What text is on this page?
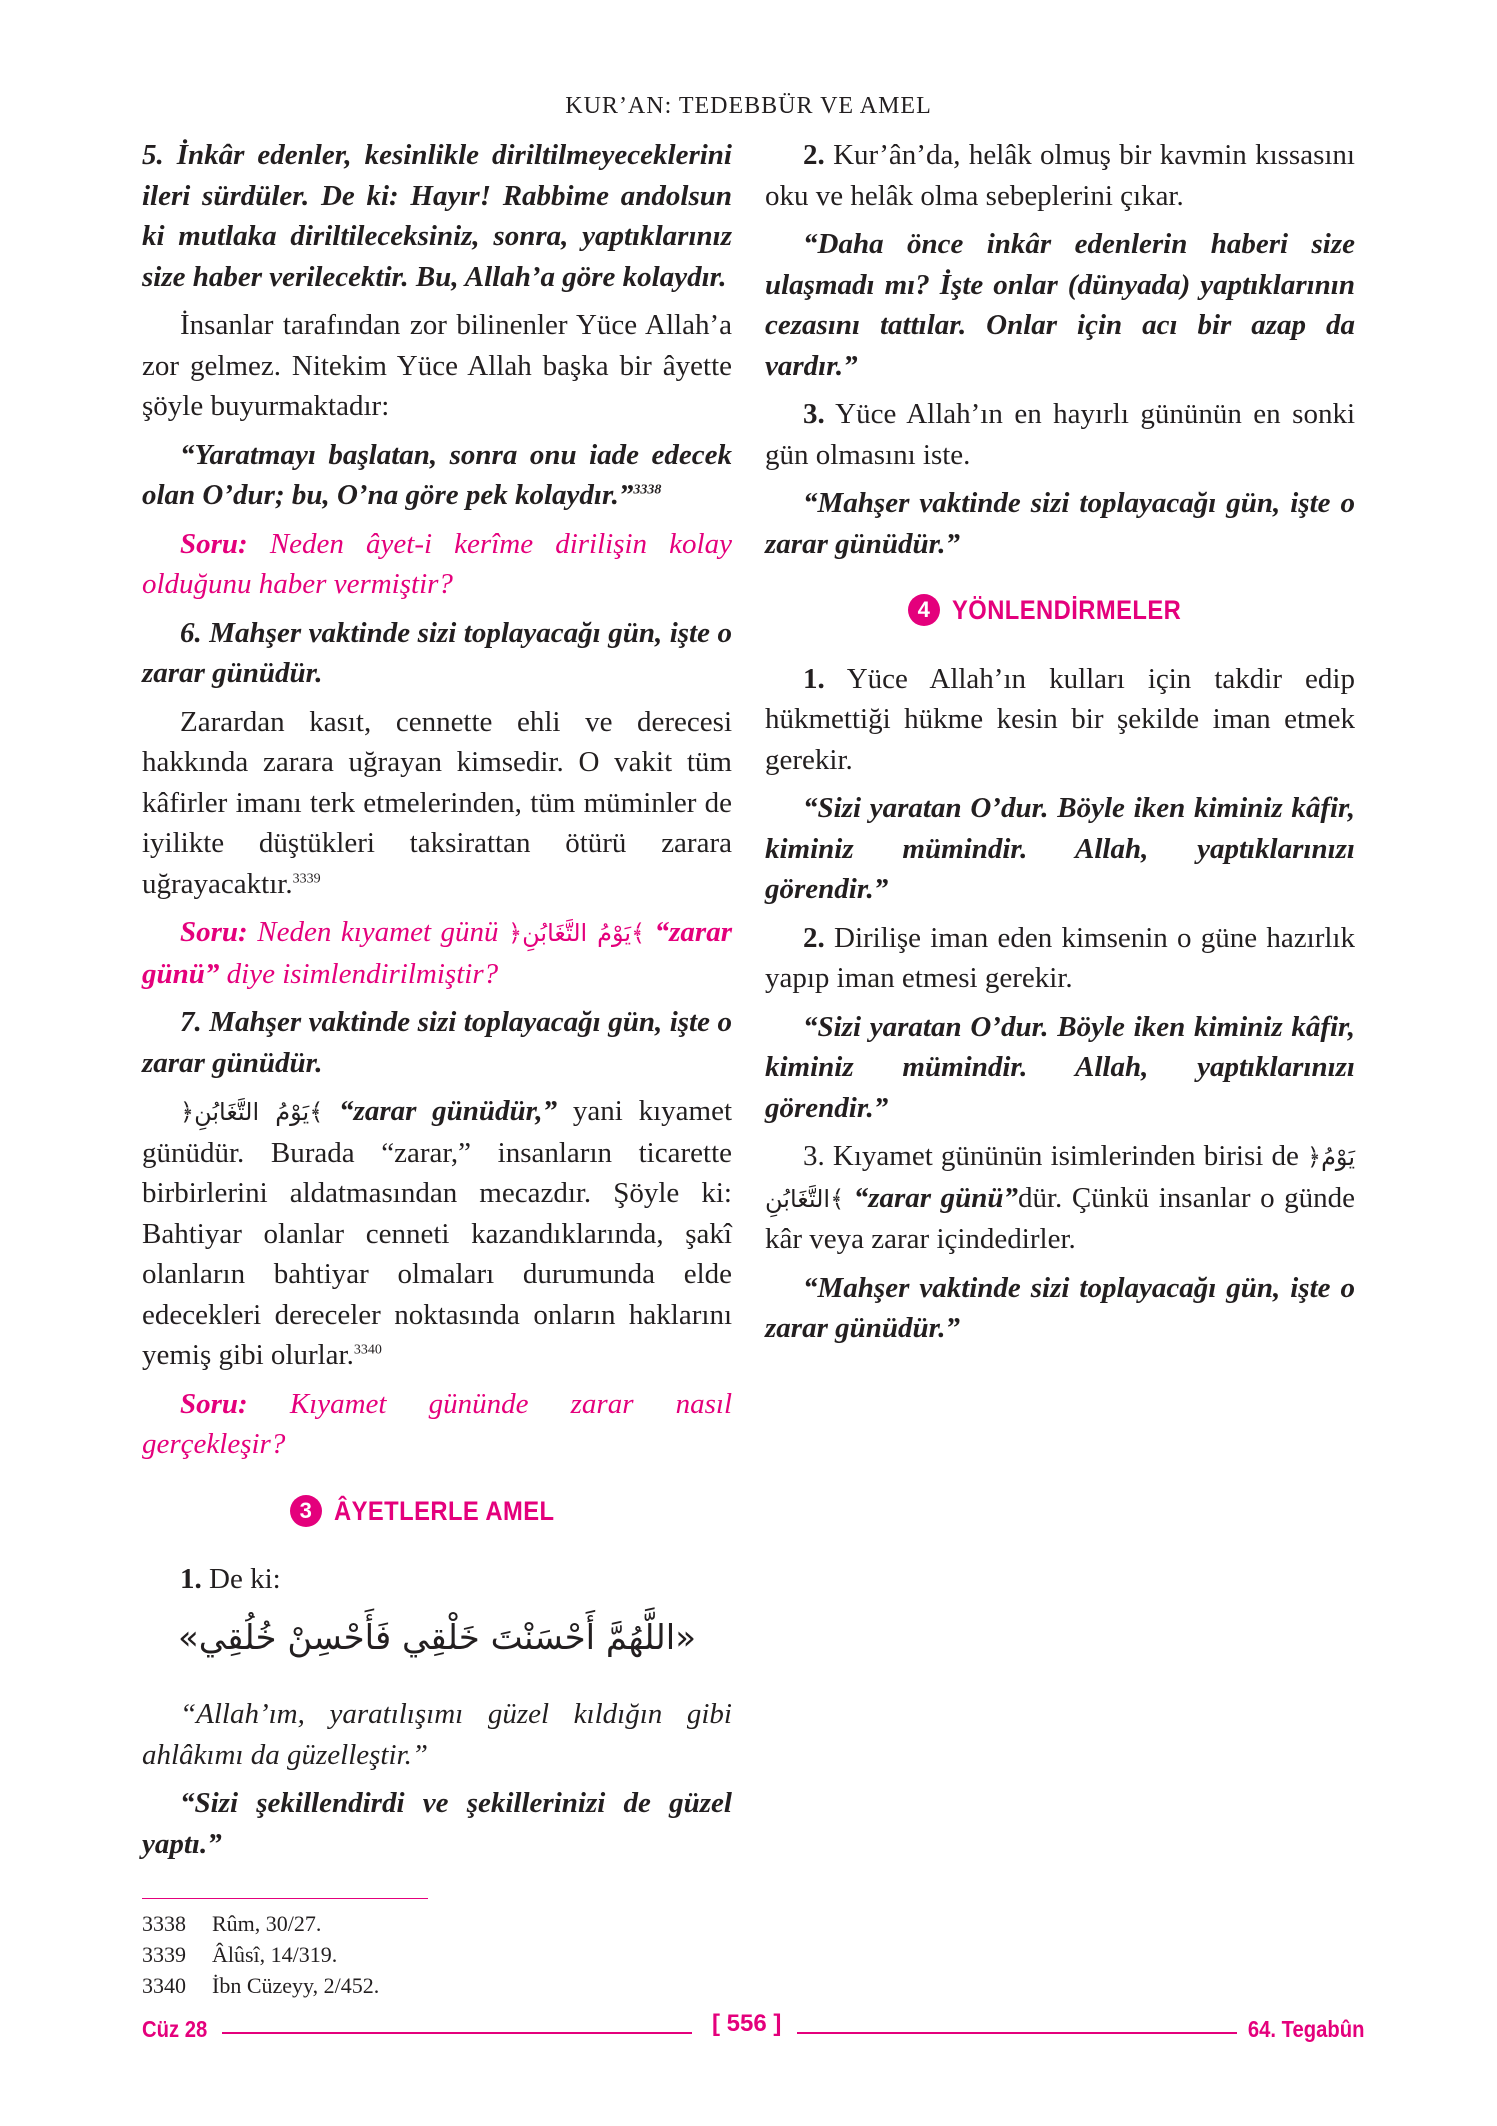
KUR’AN: TEDEBBÜR VE AMEL

5. İnkâr edenler, kesinlikle diriltilmeyeceklerini ileri sürdüler. De ki: Hayır! Rabbime andolsun ki mutlaka diriltileceksiniz, sonra, yaptıklarınız size haber verilecektir. Bu, Allah’a göre kolaydır.

İnsanlar tarafından zor bilinenler Yüce Allah’a zor gelmez. Nitekim Yüce Allah başka bir âyette şöyle buyurmaktadır:

“Yaratmayı başlatan, sonra onu iade edecek olan O’dur; bu, O’na göre pek kolaydır.”$^{3338}$

Soru: Neden âyet-i kerîme dirilişin kolay olduğunu haber vermiştir?

6. Mahşer vaktinde sizi toplayacağı gün, işte o zarar günüdür.

Zarardan kasıt, cennette ehli ve derecesi hakkında zarara uğrayan kimsedir. O vakit tüm kâfirler imanı terk etmelerinden, tüm müminler de iyilikte düştükleri taksirattan ötürü zarara uğrayacaktır.$^{3339}$

Soru: Neden kıyamet günü ﴿يَوْمُ التَّغَابُنِ﴾ “zarar günü” diye isimlendirilmiştir?

7. Mahşer vaktinde sizi toplayacağı gün, işte o zarar günüdür.

﴿يَوْمُ التَّغَابُنِ﴾ “zarar günüdür,” yani kıyamet günüdür. Burada “zarar,” insanların ticarette birbirlerini aldatmasından mecazdır. Şöyle ki: Bahtiyar olanlar cenneti kazandıklarında, şakî olanların bahtiyar olmaları durumunda elde edecekleri dereceler noktasında onların haklarını yemiş gibi olurlar.$^{3340}$

Soru: Kıyamet gününde zarar nasıl gerçekleşir?

3 ÂYETLERLE AMEL

1. De ki:

«اللَّهُمَّ أَحْسَنْتَ خَلْقِي فَأَحْسِنْ خُلُقِي»

“Allah’ım, yaratılışımı güzel kıldığın gibi ahlâkımı da güzelleştir.”

“Sizi şekillendirdi ve şekillerinizi de güzel yaptı.”

2. Kur’ân’da, helâk olmuş bir kavmin kıssasını oku ve helâk olma sebeplerini çıkar.

“Daha önce inkâr edenlerin haberi size ulaşmadı mı? İşte onlar (dünyada) yaptıklarının cezasını tattılar. Onlar için acı bir azap da vardır.”

3. Yüce Allah’ın en hayırlı gününün en sonki gün olmasını iste.

“Mahşer vaktinde sizi toplayacağı gün, işte o zarar günüdür.”

4 YÖNLENDİRMELER

1. Yüce Allah’ın kulları için takdir edip hükmettiği hükme kesin bir şekilde iman etmek gerekir.

“Sizi yaratan O’dur. Böyle iken kiminiz kâfir, kiminiz mümindir. Allah, yaptıklarınızı görendir.”

2. Dirilişe iman eden kimsenin o güne hazırlık yapıp iman etmesi gerekir.

“Sizi yaratan O’dur. Böyle iken kiminiz kâfir, kiminiz mümindir. Allah, yaptıklarınızı görendir.”

3. Kıyamet gününün isimlerinden birisi de ﴿يَوْمُ التَّغَابُنِ﴾ “zarar günü”dür. Çünkü insanlar o günde kâr veya zarar içindedirler.

“Mahşer vaktinde sizi toplayacağı gün, işte o zarar günüdür.”

3338	Rûm, 30/27.
3339	Âlûsî, 14/319.
3340	İbn Cüzeyy, 2/452.
Cüz 28	[ 556 ]	64. Tegabûn
